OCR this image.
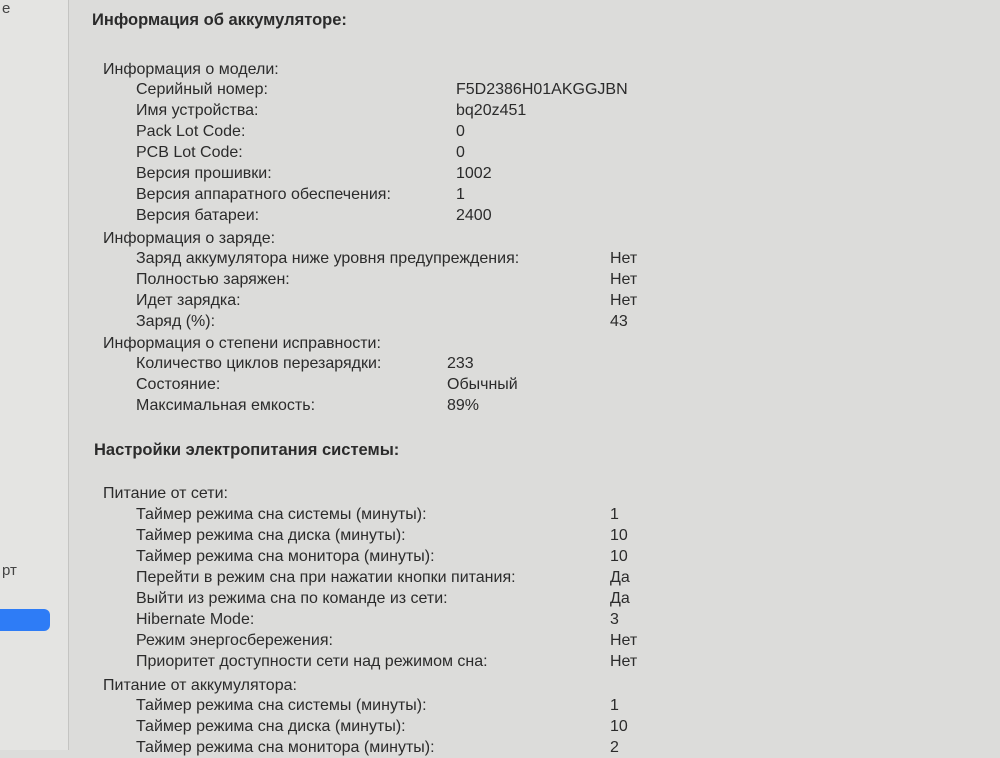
е
рт
Информация об аккумуляторе:
Информация о модели:
Серийный номер:	F5D2386H01AKGGJBN
Имя устройства:	bq20z451
Pack Lot Code:	0
PCB Lot Code:	0
Версия прошивки:	1002
Версия аппаратного обеспечения:	1
Версия батареи:	2400
Информация о заряде:
Заряд аккумулятора ниже уровня предупреждения:	Нет
Полностью заряжен:	Нет
Идет зарядка:	Нет
Заряд (%):	43
Информация о степени исправности:
Количество циклов перезарядки:	233
Состояние:	Обычный
Максимальная емкость:	89%
Настройки электропитания системы:
Питание от сети:
Таймер режима сна системы (минуты):	1
Таймер режима сна диска (минуты):	10
Таймер режима сна монитора (минуты):	10
Перейти в режим сна при нажатии кнопки питания:	Да
Выйти из режима сна по команде из сети:	Да
Hibernate Mode:	3
Режим энергосбережения:	Нет
Приоритет доступности сети над режимом сна:	Нет
Питание от аккумулятора:
Таймер режима сна системы (минуты):	1
Таймер режима сна диска (минуты):	10
Таймер режима сна монитора (минуты):	2
